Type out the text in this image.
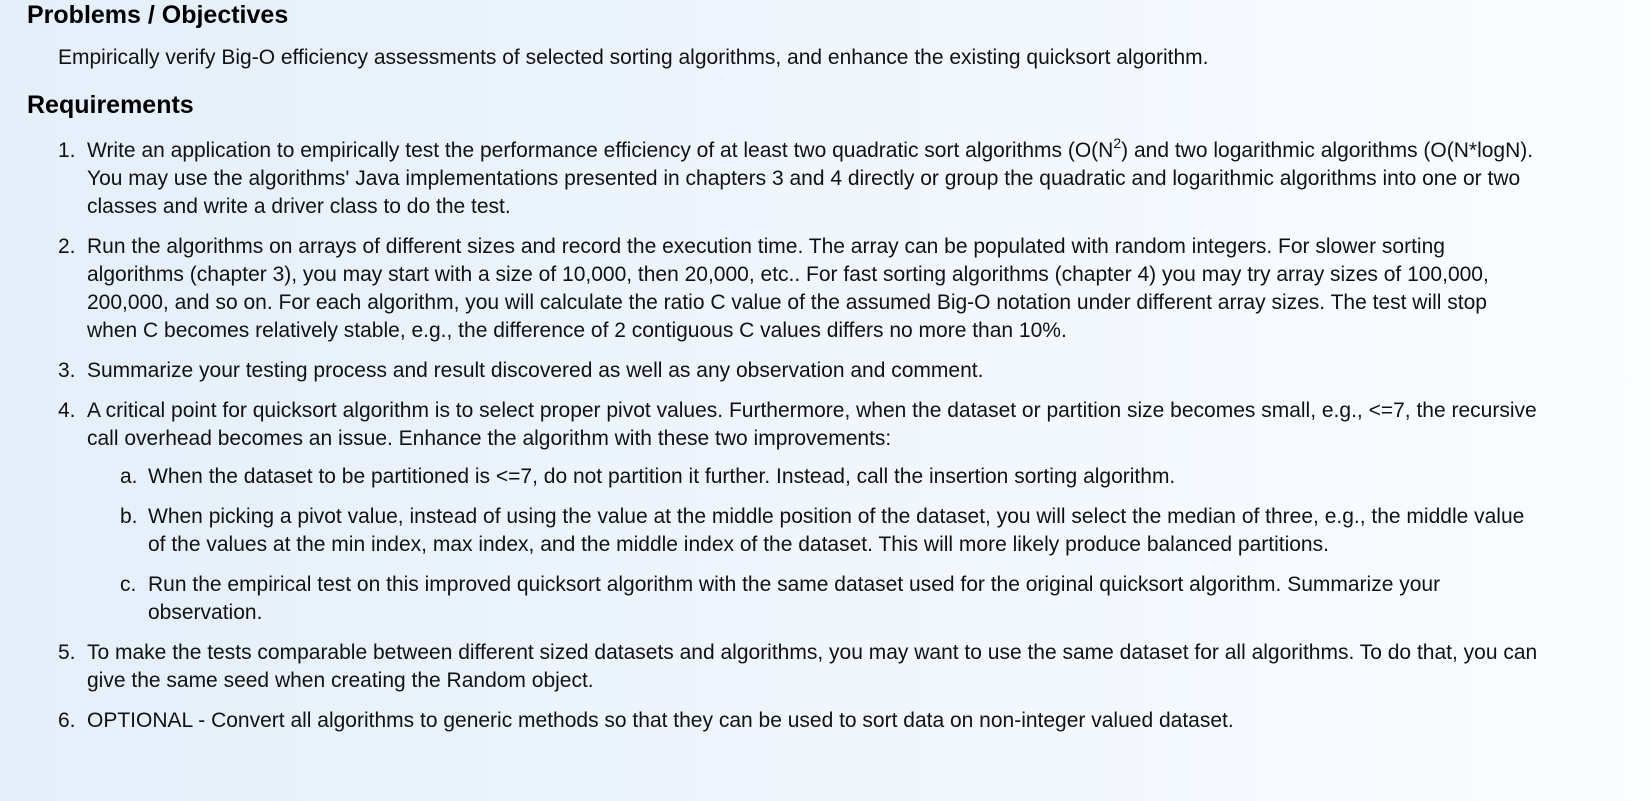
Problems / Objectives

Empirically verify Big-O efficiency assessments of selected sorting algorithms, and enhance the existing quicksort algorithm.

Requirements
1. Write an application to empirically test the performance efficiency of at least two quadratic sort algorithms ($O(N^2)$ and two logarithmic algorithms (O(N*logN). You may use the algorithms' Java implementations presented in chapters 3 and 4 directly or group the quadratic and logarithmic algorithms into one or two classes and write a driver class to do the test.
2. Run the algorithms on arrays of different sizes and record the execution time. The array can be populated with random integers. For slower sorting algorithms (chapter 3), you may start with a size of 10,000, then 20,000, etc.. For fast sorting algorithms (chapter 4) you may try array sizes of 100,000, 200,000, and so on. For each algorithm, you will calculate the ratio C value of the assumed Big-O notation under different array sizes. The test will stop when C becomes relatively stable, e.g., the difference of 2 contiguous C values differs no more than 10%.
3. Summarize your testing process and result discovered as well as any observation and comment.
4. A critical point for quicksort algorithm is to select proper pivot values. Furthermore, when the dataset or partition size becomes small, e.g., <=7, the recursive call overhead becomes an issue. Enhance the algorithm with these two improvements:
a. When the dataset to be partitioned is <=7, do not partition it further. Instead, call the insertion sorting algorithm.
b. When picking a pivot value, instead of using the value at the middle position of the dataset, you will select the median of three, e.g., the middle value of the values at the min index, max index, and the middle index of the dataset. This will more likely produce balanced partitions.
c. Run the empirical test on this improved quicksort algorithm with the same dataset used for the original quicksort algorithm. Summarize your observation.
5. To make the tests comparable between different sized datasets and algorithms, you may want to use the same dataset for all algorithms. To do that, you can give the same seed when creating the Random object.
6. OPTIONAL - Convert all algorithms to generic methods so that they can be used to sort data on non-integer valued dataset.
